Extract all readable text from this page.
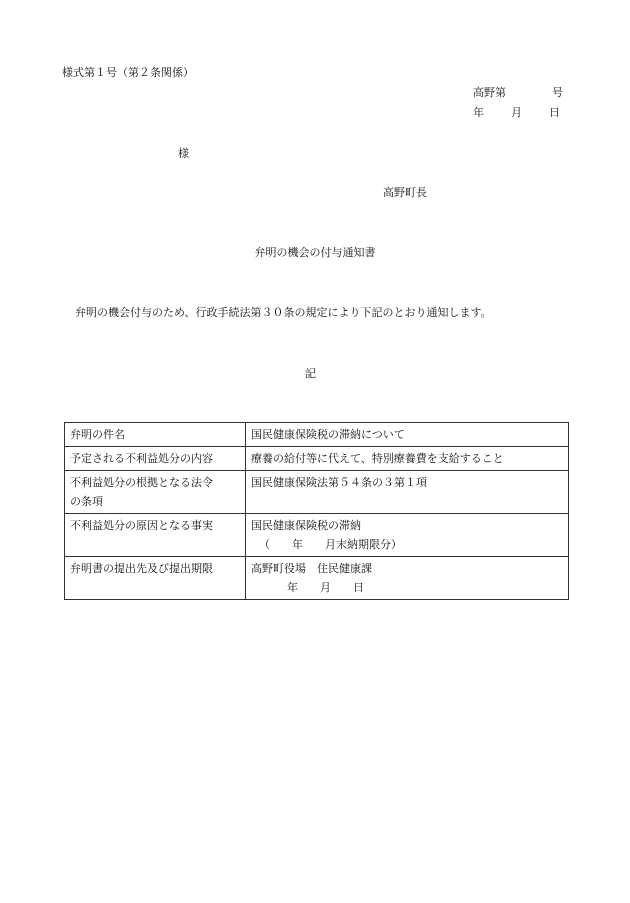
様式第１号（第２条関係）
高野第	号
年 月 日
様
高野町長
弁明の機会の付与通知書
弁明の機会付与のため、行政手続法第３０条の規定により下記のとおり通知します。
記
弁明の件名	国民健康保険税の滞納について
予定される不利益処分の内容	療養の給付等に代えて、特別療養費を支給すること

不利益処分の根拠となる法令
の条項	国民健康保険法第５４条の３第１項
不利益処分の原因となる事実	国民健康保険税の滞納
（　　年　　月末納期限分）

弁明書の提出先及び提出期限	高野町役場　住民健康課
年　　月　　日
